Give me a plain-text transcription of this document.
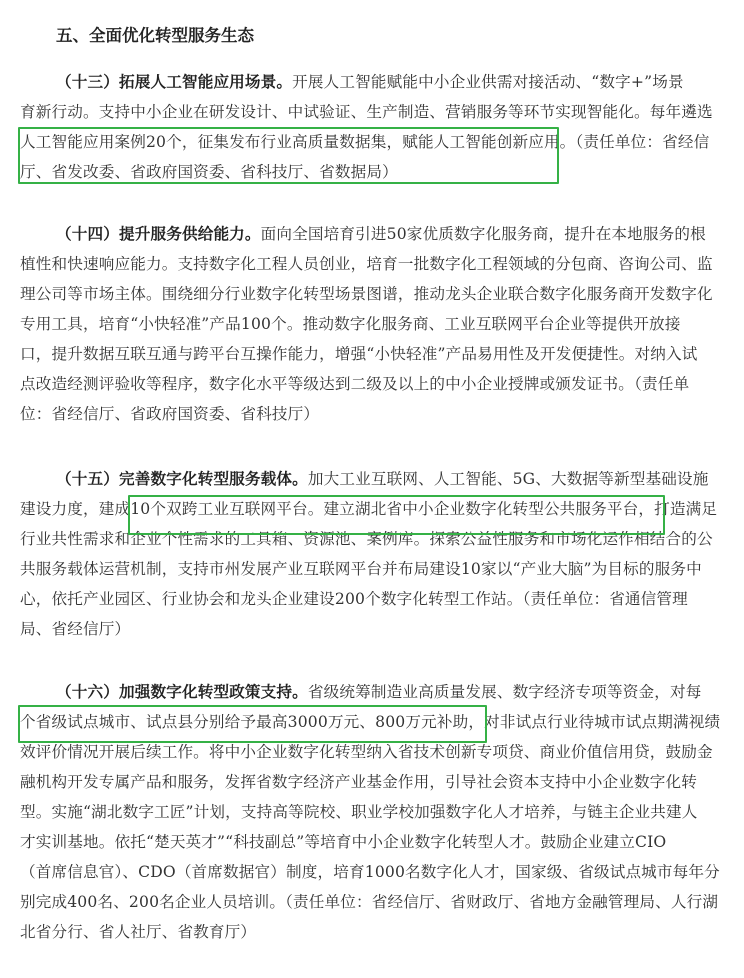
五、全面优化转型服务生态
（十三）拓展人工智能应用场景。开展人工智能赋能中小企业供需对接活动、“数字+”场景
育新行动。支持中小企业在研发设计、中试验证、生产制造、营销服务等环节实现智能化。每年遴选
人工智能应用案例20个，征集发布行业高质量数据集，赋能人工智能创新应用。（责任单位：省经信
厅、省发改委、省政府国资委、省科技厅、省数据局）
（十四）提升服务供给能力。面向全国培育引进50家优质数字化服务商，提升在本地服务的根
植性和快速响应能力。支持数字化工程人员创业，培育一批数字化工程领域的分包商、咨询公司、监
理公司等市场主体。围绕细分行业数字化转型场景图谱，推动龙头企业联合数字化服务商开发数字化
专用工具，培育“小快轻准”产品100个。推动数字化服务商、工业互联网平台企业等提供开放接
口，提升数据互联互通与跨平台互操作能力，增强“小快轻准”产品易用性及开发便捷性。对纳入试
点改造经测评验收等程序，数字化水平等级达到二级及以上的中小企业授牌或颁发证书。（责任单
位：省经信厅、省政府国资委、省科技厅）
（十五）完善数字化转型服务载体。加大工业互联网、人工智能、5G、大数据等新型基础设施
建设力度，建成10个双跨工业互联网平台。建立湖北省中小企业数字化转型公共服务平台，打造满足
行业共性需求和企业个性需求的工具箱、资源池、案例库。探索公益性服务和市场化运作相结合的公
共服务载体运营机制，支持市州发展产业互联网平台并布局建设10家以“产业大脑”为目标的服务中
心，依托产业园区、行业协会和龙头企业建设200个数字化转型工作站。（责任单位：省通信管理
局、省经信厅）
（十六）加强数字化转型政策支持。省级统筹制造业高质量发展、数字经济专项等资金，对每
个省级试点城市、试点县分别给予最高3000万元、800万元补助，对非试点行业待城市试点期满视绩
效评价情况开展后续工作。将中小企业数字化转型纳入省技术创新专项贷、商业价值信用贷，鼓励金
融机构开发专属产品和服务，发挥省数字经济产业基金作用，引导社会资本支持中小企业数字化转
型。实施“湖北数字工匠”计划，支持高等院校、职业学校加强数字化人才培养，与链主企业共建人
才实训基地。依托“楚天英才”“科技副总”等培育中小企业数字化转型人才。鼓励企业建立CIO
（首席信息官）、CDO（首席数据官）制度，培育1000名数字化人才，国家级、省级试点城市每年分
别完成400名、200名企业人员培训。（责任单位：省经信厅、省财政厅、省地方金融管理局、人行湖
北省分行、省人社厅、省教育厅）
